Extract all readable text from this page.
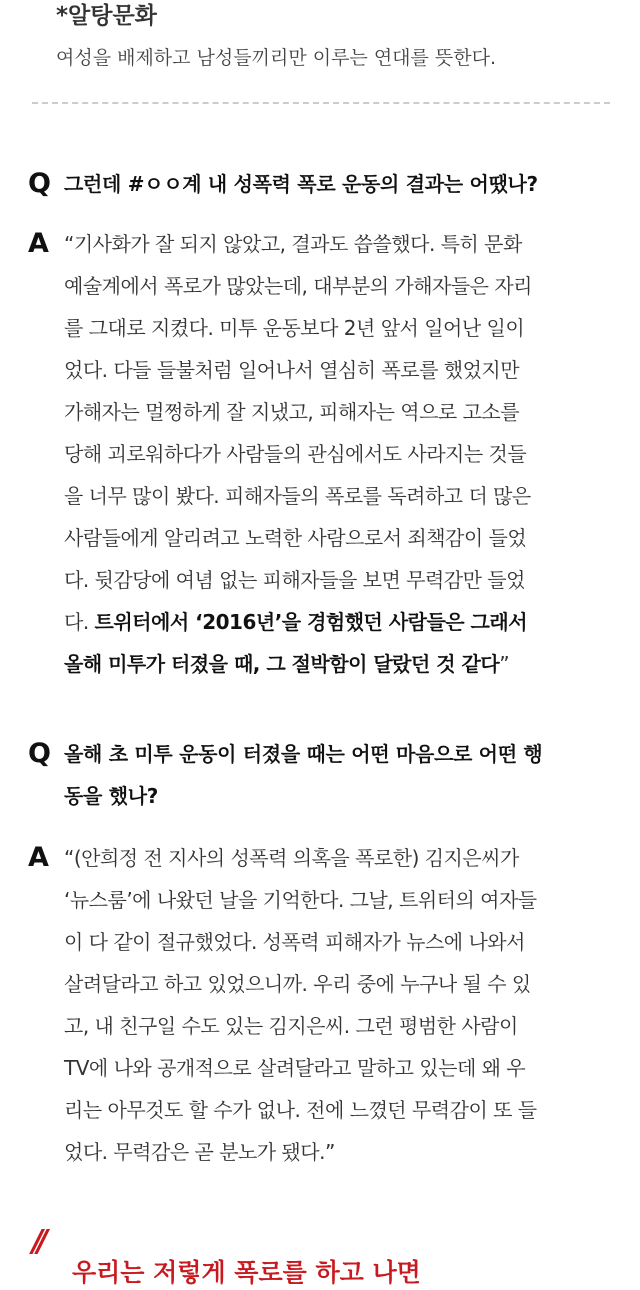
*알탕문화
여성을 배제하고 남성들끼리만 이루는 연대를 뜻한다.
Q 그런데 #ㅇㅇ계 내 성폭력 폭로 운동의 결과는 어땠나?
A “기사화가 잘 되지 않았고, 결과도 씁쓸했다. 특히 문화
예술계에서 폭로가 많았는데, 대부분의 가해자들은 자리
를 그대로 지켰다. 미투 운동보다 2년 앞서 일어난 일이
었다. 다들 들불처럼 일어나서 열심히 폭로를 했었지만
가해자는 멀쩡하게 잘 지냈고, 피해자는 역으로 고소를
당해 괴로워하다가 사람들의 관심에서도 사라지는 것들
을 너무 많이 봤다. 피해자들의 폭로를 독려하고 더 많은
사람들에게 알리려고 노력한 사람으로서 죄책감이 들었
다. 뒷감당에 여념 없는 피해자들을 보면 무력감만 들었
다. 트위터에서 ‘2016년’을 경험했던 사람들은 그래서
올해 미투가 터졌을 때, 그 절박함이 달랐던 것 같다”
Q 올해 초 미투 운동이 터졌을 때는 어떤 마음으로 어떤 행
동을 했나?
A “(안희정 전 지사의 성폭력 의혹을 폭로한) 김지은씨가
‘뉴스룸’에 나왔던 날을 기억한다. 그날, 트위터의 여자들
이 다 같이 절규했었다. 성폭력 피해자가 뉴스에 나와서
살려달라고 하고 있었으니까. 우리 중에 누구나 될 수 있
고, 내 친구일 수도 있는 김지은씨. 그런 평범한 사람이
TV에 나와 공개적으로 살려달라고 말하고 있는데 왜 우
리는 아무것도 할 수가 없나. 전에 느꼈던 무력감이 또 들
었다. 무력감은 곧 분노가 됐다.”
//
우리는 저렇게 폭로를 하고 나면
